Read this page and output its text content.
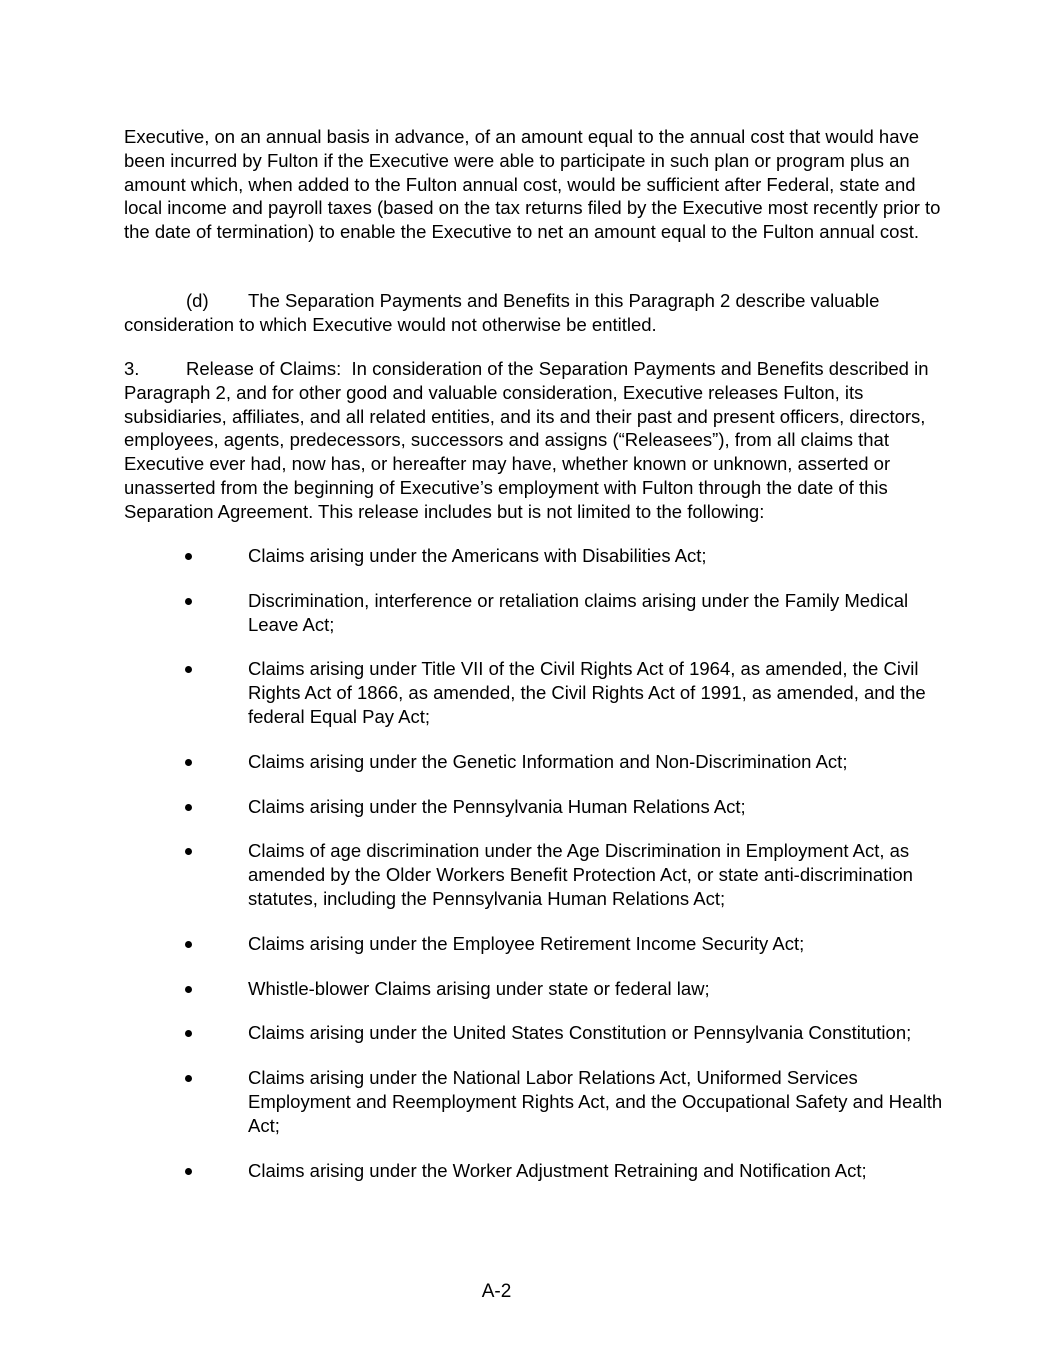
Executive, on an annual basis in advance, of an amount equal to the annual cost that would have been incurred by Fulton if the Executive were able to participate in such plan or program plus an amount which, when added to the Fulton annual cost, would be sufficient after Federal, state and local income and payroll taxes (based on the tax returns filed by the Executive most recently prior to the date of termination) to enable the Executive to net an amount equal to the Fulton annual cost.

(d) The Separation Payments and Benefits in this Paragraph 2 describe valuable consideration to which Executive would not otherwise be entitled.

3.	Release of Claims: In consideration of the Separation Payments and Benefits described in Paragraph 2, and for other good and valuable consideration, Executive releases Fulton, its subsidiaries, affiliates, and all related entities, and its and their past and present officers, directors, employees, agents, predecessors, successors and assigns (“Releasees”), from all claims that Executive ever had, now has, or hereafter may have, whether known or unknown, asserted or unasserted from the beginning of Executive’s employment with Fulton through the date of this Separation Agreement. This release includes but is not limited to the following:

Claims arising under the Americans with Disabilities Act;
Discrimination, interference or retaliation claims arising under the Family Medical Leave Act;
Claims arising under Title VII of the Civil Rights Act of 1964, as amended, the Civil Rights Act of 1866, as amended, the Civil Rights Act of 1991, as amended, and the federal Equal Pay Act;
Claims arising under the Genetic Information and Non-Discrimination Act;
Claims arising under the Pennsylvania Human Relations Act;
Claims of age discrimination under the Age Discrimination in Employment Act, as amended by the Older Workers Benefit Protection Act, or state anti-discrimination statutes, including the Pennsylvania Human Relations Act;
Claims arising under the Employee Retirement Income Security Act;
Whistle-blower Claims arising under state or federal law;
Claims arising under the United States Constitution or Pennsylvania Constitution;
Claims arising under the National Labor Relations Act, Uniformed Services Employment and Reemployment Rights Act, and the Occupational Safety and Health Act;
Claims arising under the Worker Adjustment Retraining and Notification Act;
A-2
